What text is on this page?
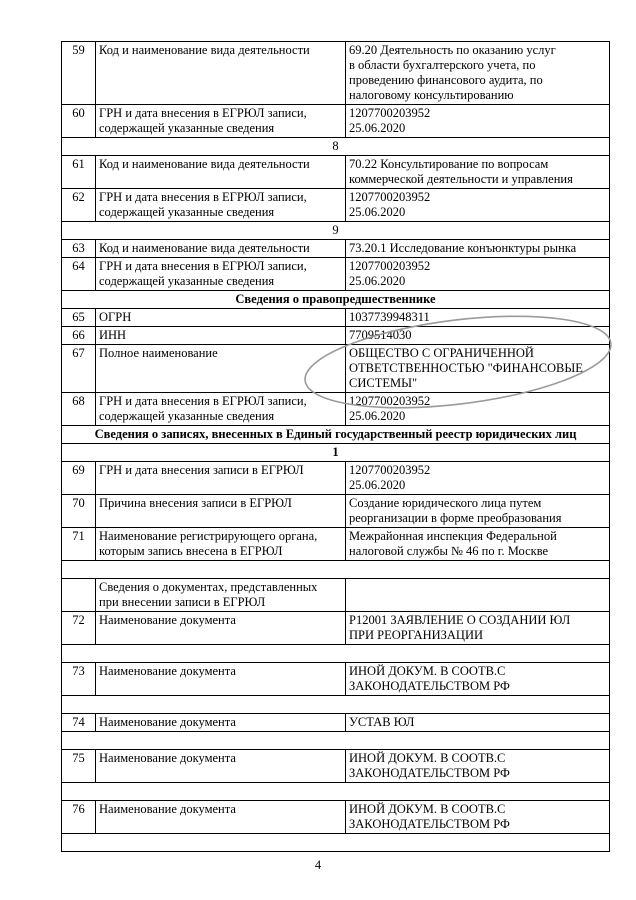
59	Код и наименование вида деятельности	69.20 Деятельность по оказанию услуг
в области бухгалтерского учета, по
проведению финансового аудита, по
налоговому консультированию

60	ГРН и дата внесения в ЕГРЮЛ записи,
содержащей указанные сведения	1207700203952
25.06.2020

8		
61	Код и наименование вида деятельности	70.22 Консультирование по вопросам
коммерческой деятельности и управления

62	ГРН и дата внесения в ЕГРЮЛ записи,
содержащей указанные сведения	1207700203952
25.06.2020

9		
63	Код и наименование вида деятельности	73.20.1 Исследование конъюнктуры рынка

64	ГРН и дата внесения в ЕГРЮЛ записи,
содержащей указанные сведения	1207700203952
25.06.2020

Сведения о правопредшественнике		
65	ОГРН	1037739948311

66	ИНН	7709514030

67	Полное наименование	ОБЩЕСТВО С ОГРАНИЧЕННОЙ
ОТВЕТСТВЕННОСТЬЮ "ФИНАНСОВЫЕ
СИСТЕМЫ"

68	ГРН и дата внесения в ЕГРЮЛ записи,
содержащей указанные сведения	1207700203952
25.06.2020

Сведения о записях, внесенных в Единый государственный реестр юридических лиц		
1		
69	ГРН и дата внесения записи в ЕГРЮЛ	1207700203952
25.06.2020

70	Причина внесения записи в ЕГРЮЛ	Создание юридического лица путем
реорганизации в форме преобразования

71	Наименование регистрирующего органа,
которым запись внесена в ЕГРЮЛ	Межрайонная инспекция Федеральной
налоговой службы № 46 по г. Москве

	Сведения о документах, представленных
при внесении записи в ЕГРЮЛ	

72	Наименование документа	Р12001 ЗАЯВЛЕНИЕ О СОЗДАНИИ ЮЛ
ПРИ РЕОРГАНИЗАЦИИ

73	Наименование документа	ИНОЙ ДОКУМ. В СООТВ.С
ЗАКОНОДАТЕЛЬСТВОМ РФ

74	Наименование документа	УСТАВ ЮЛ

75	Наименование документа	ИНОЙ ДОКУМ. В СООТВ.С
ЗАКОНОДАТЕЛЬСТВОМ РФ

76	Наименование документа	ИНОЙ ДОКУМ. В СООТВ.С
ЗАКОНОДАТЕЛЬСТВОМ РФ

4
